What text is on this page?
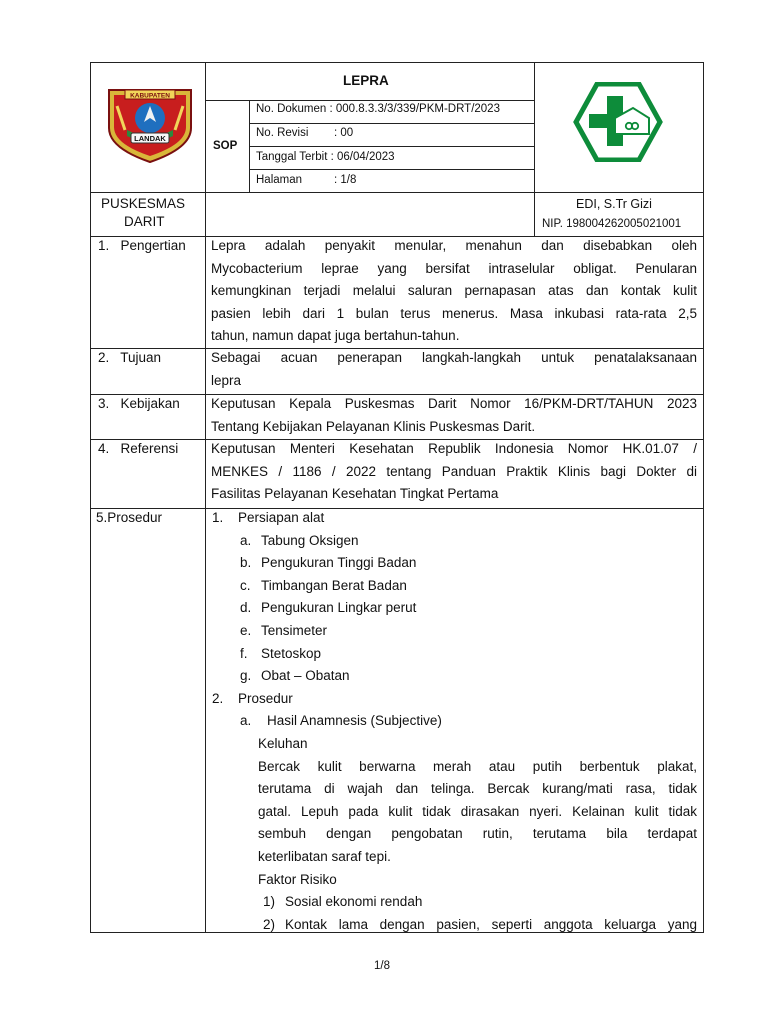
KABUPATEN
LANDAK
LEPRA
SOP
No. Dokumen : 000.8.3.3/3/339/PKM-DRT/2023
No. Revisi        : 00
Tanggal Terbit : 06/04/2023
Halaman          : 1/8
PUSKESMAS
DARIT
EDI, S.Tr Gizi
NIP. 198004262005021001
1.   Pengertian Lepra adalah penyakit menular, menahun dan disebabkan oleh
Mycobacterium leprae yang bersifat intraselular obligat. Penularan
kemungkinan terjadi melalui saluran pernapasan atas dan kontak kulit
pasien lebih dari 1 bulan terus menerus. Masa inkubasi rata-rata 2,5
tahun, namun dapat juga bertahun-tahun.
2.   Tujuan	Sebagai acuan penerapan langkah-langkah untuk penatalaksanaan
lepra
3.   Kebijakan Keputusan Kepala Puskesmas Darit Nomor 16/PKM-DRT/TAHUN 2023
Tentang Kebijakan Pelayanan Klinis Puskesmas Darit.
4.   Referensi Keputusan Menteri Kesehatan Republik Indonesia Nomor HK.01.07 /
MENKES / 1186 / 2022 tentang Panduan Praktik Klinis bagi Dokter di
Fasilitas Pelayanan Kesehatan Tingkat Pertama
5.Prosedur	1. Persiapan alat
a. Tabung Oksigen
b. Pengukuran Tinggi Badan
c. Timbangan Berat Badan
d. Pengukuran Lingkar perut
e. Tensimeter
f. Stetoskop
g. Obat – Obatan
2. Prosedur
a. Hasil Anamnesis (Subjective)
Keluhan
Bercak kulit berwarna merah atau putih berbentuk plakat,
terutama di wajah dan telinga. Bercak kurang/mati rasa, tidak
gatal. Lepuh pada kulit tidak dirasakan nyeri. Kelainan kulit tidak
sembuh dengan pengobatan rutin, terutama bila terdapat
keterlibatan saraf tepi.
Faktor Risiko
1) Sosial ekonomi rendah
2) Kontak lama dengan pasien, seperti anggota keluarga yang
1/8
